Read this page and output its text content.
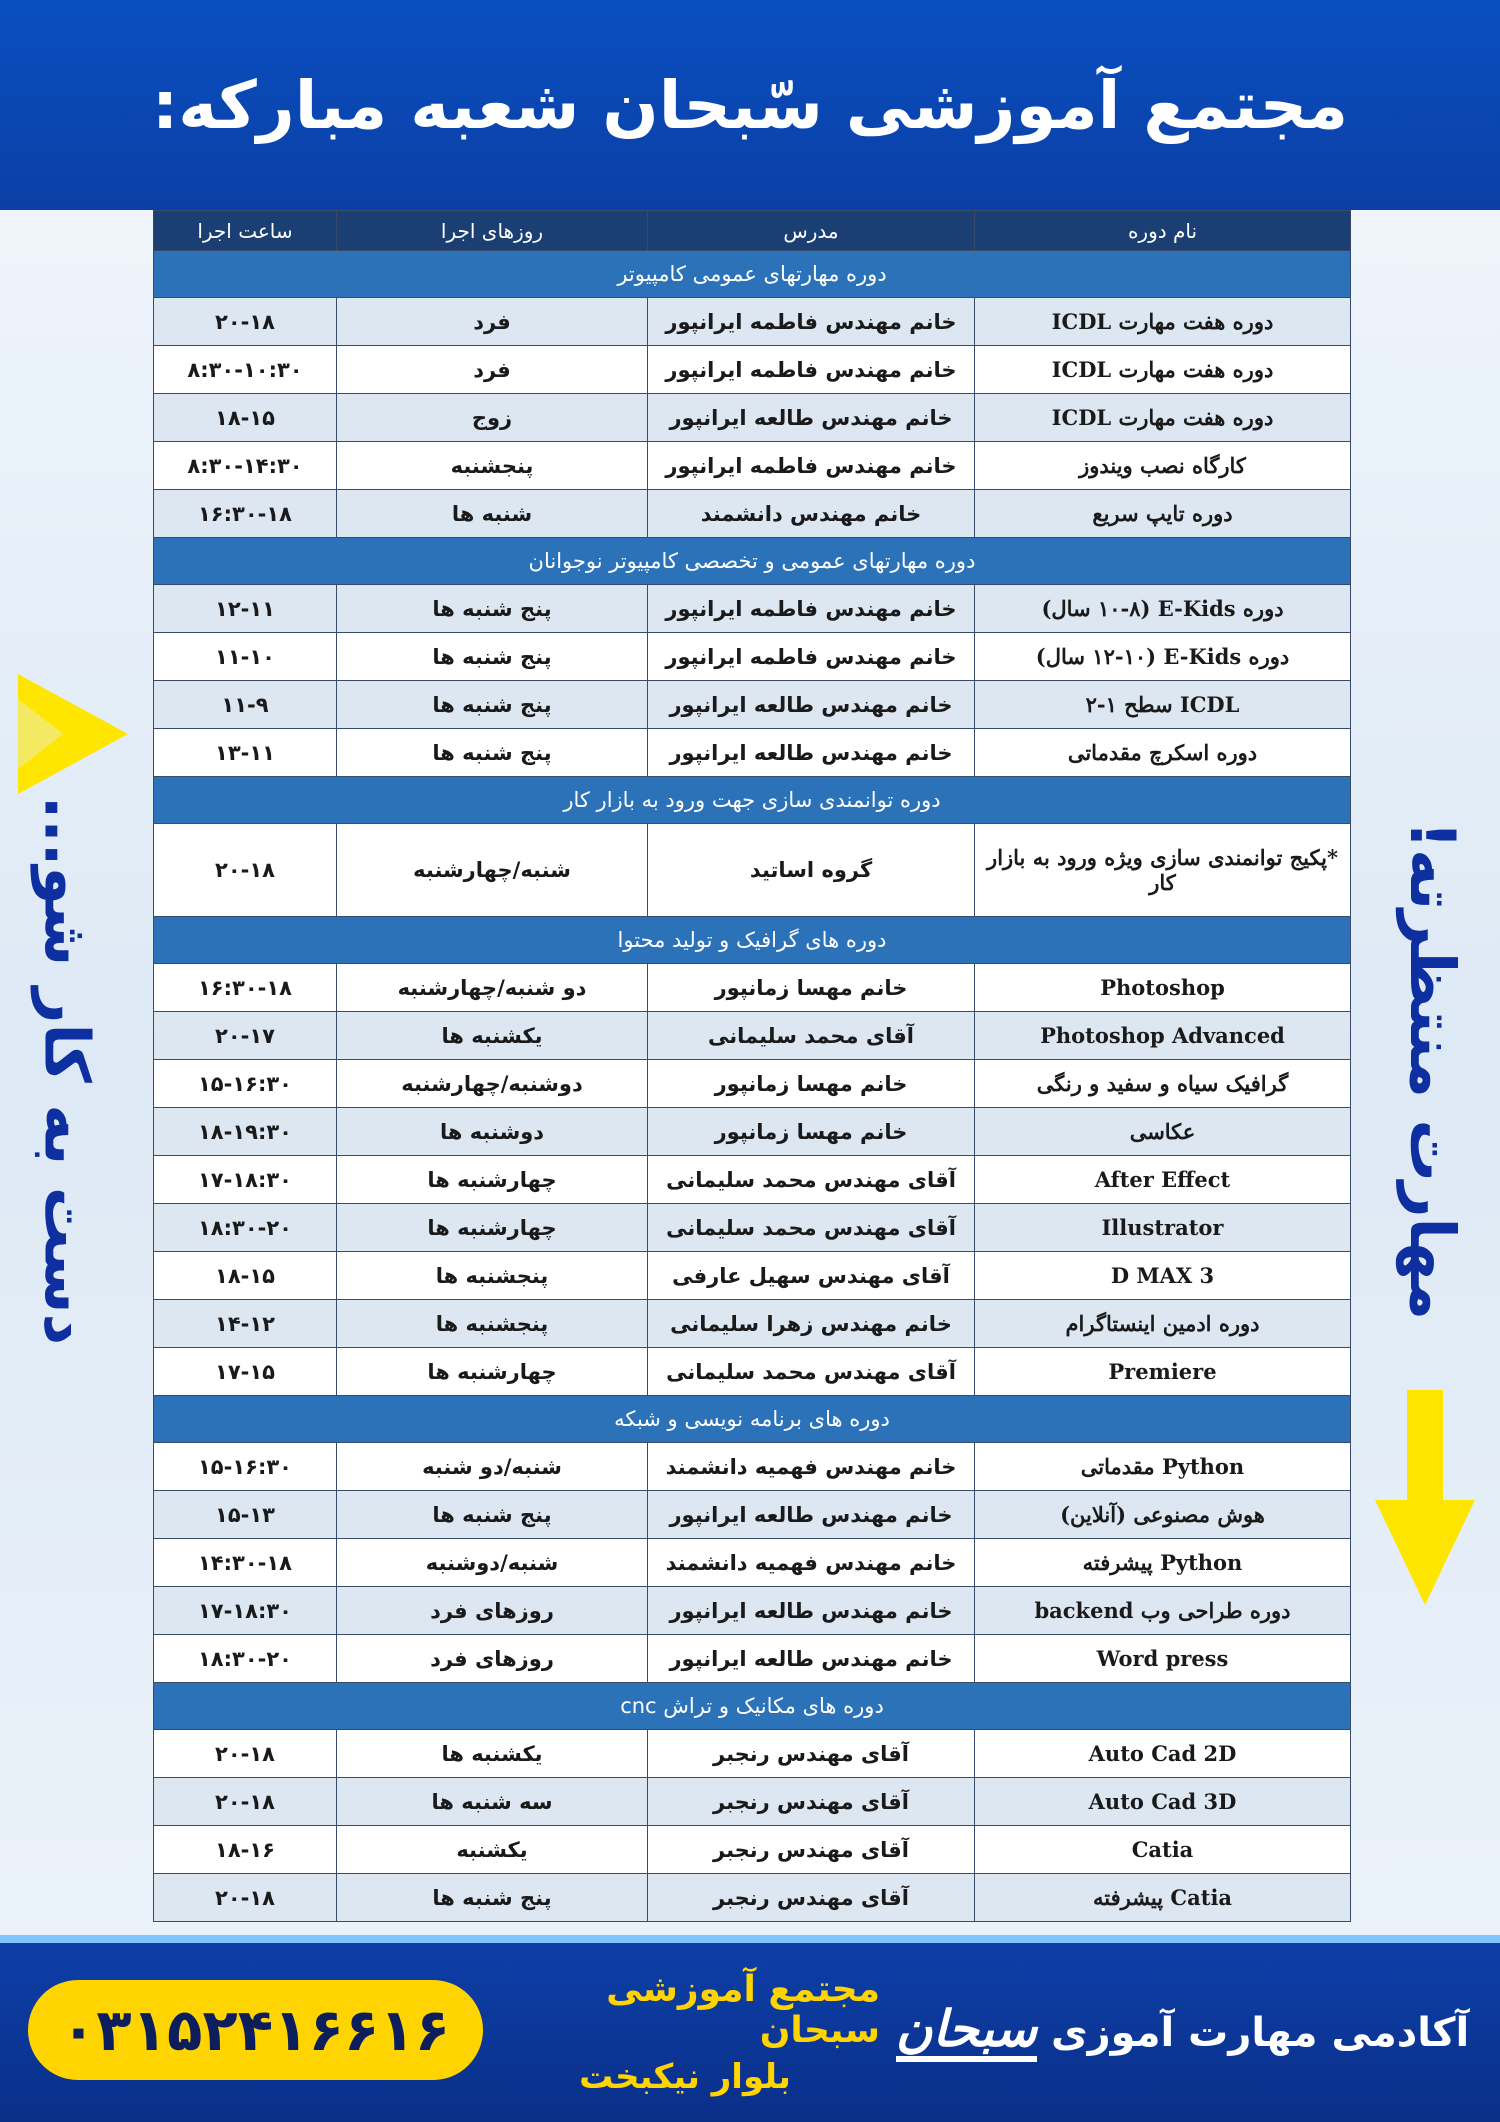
مجتمع آموزشی سّبحان شعبه مبارکه:
دست به کار شو...	مهارت منتظرته!
نام دوره	مدرس	روزهای اجرا	ساعت اجرا
دوره مهارتهای عمومی کامپیوتر			
دوره هفت مهارت ICDL	خانم مهندس فاطمه ایرانپور	فرد	۲۰-۱۸
دوره هفت مهارت ICDL	خانم مهندس فاطمه ایرانپور	فرد	۸:۳۰-۱۰:۳۰
دوره هفت مهارت ICDL	خانم مهندس طالعه ایرانپور	زوج	۱۸-۱۵
کارگاه نصب ویندوز	خانم مهندس فاطمه ایرانپور	پنجشنبه	۸:۳۰-۱۴:۳۰
دوره تایپ سریع	خانم مهندس دانشمند	شنبه ها	۱۶:۳۰-۱۸
دوره مهارتهای عمومی و تخصصی کامپیوتر نوجوانان			
دوره E-Kids (۱۰-۸ سال)	خانم مهندس فاطمه ایرانپور	پنج شنبه ها	۱۲-۱۱
دوره E-Kids (۱۲-۱۰ سال)	خانم مهندس فاطمه ایرانپور	پنج شنبه ها	۱۱-۱۰
ICDL سطح ۱-۲	خانم مهندس طالعه ایرانپور	پنج شنبه ها	۱۱-۹
دوره اسکرچ مقدماتی	خانم مهندس طالعه ایرانپور	پنج شنبه ها	۱۳-۱۱
دوره توانمندی سازی جهت ورود به بازار کار			
*پکیج توانمندی سازی ویژه ورود به بازار کار	گروه اساتید	شنبه/چهارشنبه	۲۰-۱۸
دوره های گرافیک و تولید محتوا			
Photoshop	خانم مهسا زمانپور	دو شنبه/چهارشنبه	۱۶:۳۰-۱۸
Photoshop Advanced	آقای محمد سلیمانی	یکشنبه ها	۲۰-۱۷
گرافیک سیاه و سفید و رنگی	خانم مهسا زمانپور	دوشنبه/چهارشنبه	۱۵-۱۶:۳۰
عکاسی	خانم مهسا زمانپور	دوشنبه ها	۱۸-۱۹:۳۰
After Effect	آقای مهندس محمد سلیمانی	چهارشنبه ها	۱۷-۱۸:۳۰
Illustrator	آقای مهندس محمد سلیمانی	چهارشنبه ها	۱۸:۳۰-۲۰
3 D MAX	آقای مهندس سهیل عارفی	پنجشنبه ها	۱۸-۱۵
دوره ادمین اینستاگرام	خانم مهندس زهرا سلیمانی	پنجشنبه ها	۱۴-۱۲
Premiere	آقای مهندس محمد سلیمانی	چهارشنبه ها	۱۷-۱۵
دوره های برنامه نویسی و شبکه			
Python مقدماتی	خانم مهندس فهمیه دانشمند	شنبه/دو شنبه	۱۵-۱۶:۳۰
هوش مصنوعی (آنلاین)	خانم مهندس طالعه ایرانپور	پنج شنبه ها	۱۵-۱۳
Python پیشرفته	خانم مهندس فهمیه دانشمند	شنبه/دوشنبه	۱۴:۳۰-۱۸
دوره طراحی وب backend	خانم مهندس طالعه ایرانپور	روزهای فرد	۱۷-۱۸:۳۰
Word press	خانم مهندس طالعه ایرانپور	روزهای فرد	۱۸:۳۰-۲۰
دوره های مکانیک و تراش cnc			
Auto Cad 2D	آقای مهندس رنجبر	یکشنبه ها	۲۰-۱۸
Auto Cad 3D	آقای مهندس رنجبر	سه شنبه ها	۲۰-۱۸
Catia	آقای مهندس رنجبر	یکشنبه	۱۸-۱۶
Catia پیشرفته	آقای مهندس رنجبر	پنج شنبه ها	۲۰-۱۸
۰۳۱۵۲۴۱۶۶۱۶
مجتمع آموزشی سبحان
بلوار نیکبخت
آکادمی مهارت آموزی
سبحان
